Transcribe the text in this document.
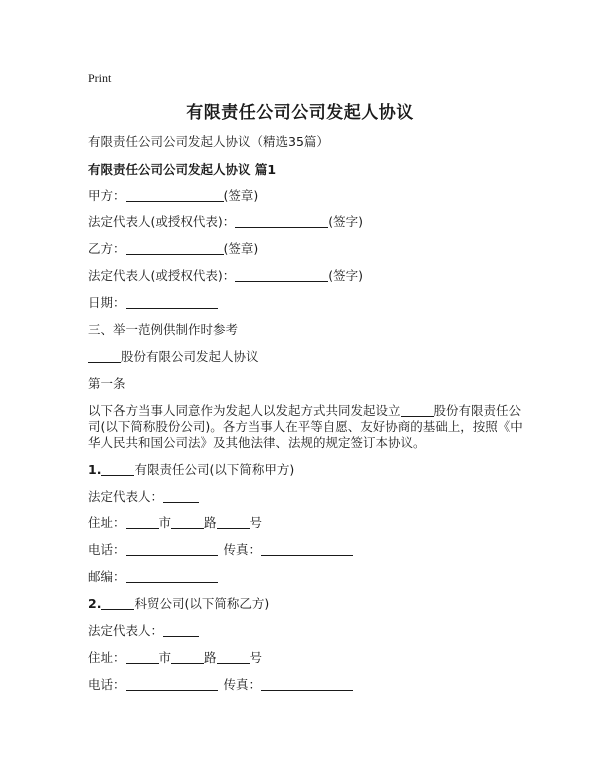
Print
有限责任公司公司发起人协议
有限责任公司公司发起人协议（精选35篇）
有限责任公司公司发起人协议 篇1
甲方：	(签章)
法定代表人(或授权代表)：	(签字)
乙方：	(签章)
法定代表人(或授权代表)：	(签字)
日期：
三、举一范例供制作时参考
股份有限公司发起人协议
第一条
以下各方当事人同意作为发起人以发起方式共同发起设立	股份有限责任公司(以下简称股份公司)。各方当事人在平等自愿、友好协商的基础上，按照《中华人民共和国公司法》及其他法律、法规的规定签订本协议。
1.	有限责任公司(以下简称甲方)
法定代表人：
住址：	市	路	号
电话：	传真：
邮编：
2.	科贸公司(以下简称乙方)
法定代表人：
住址：	市	路	号
电话：	传真：
